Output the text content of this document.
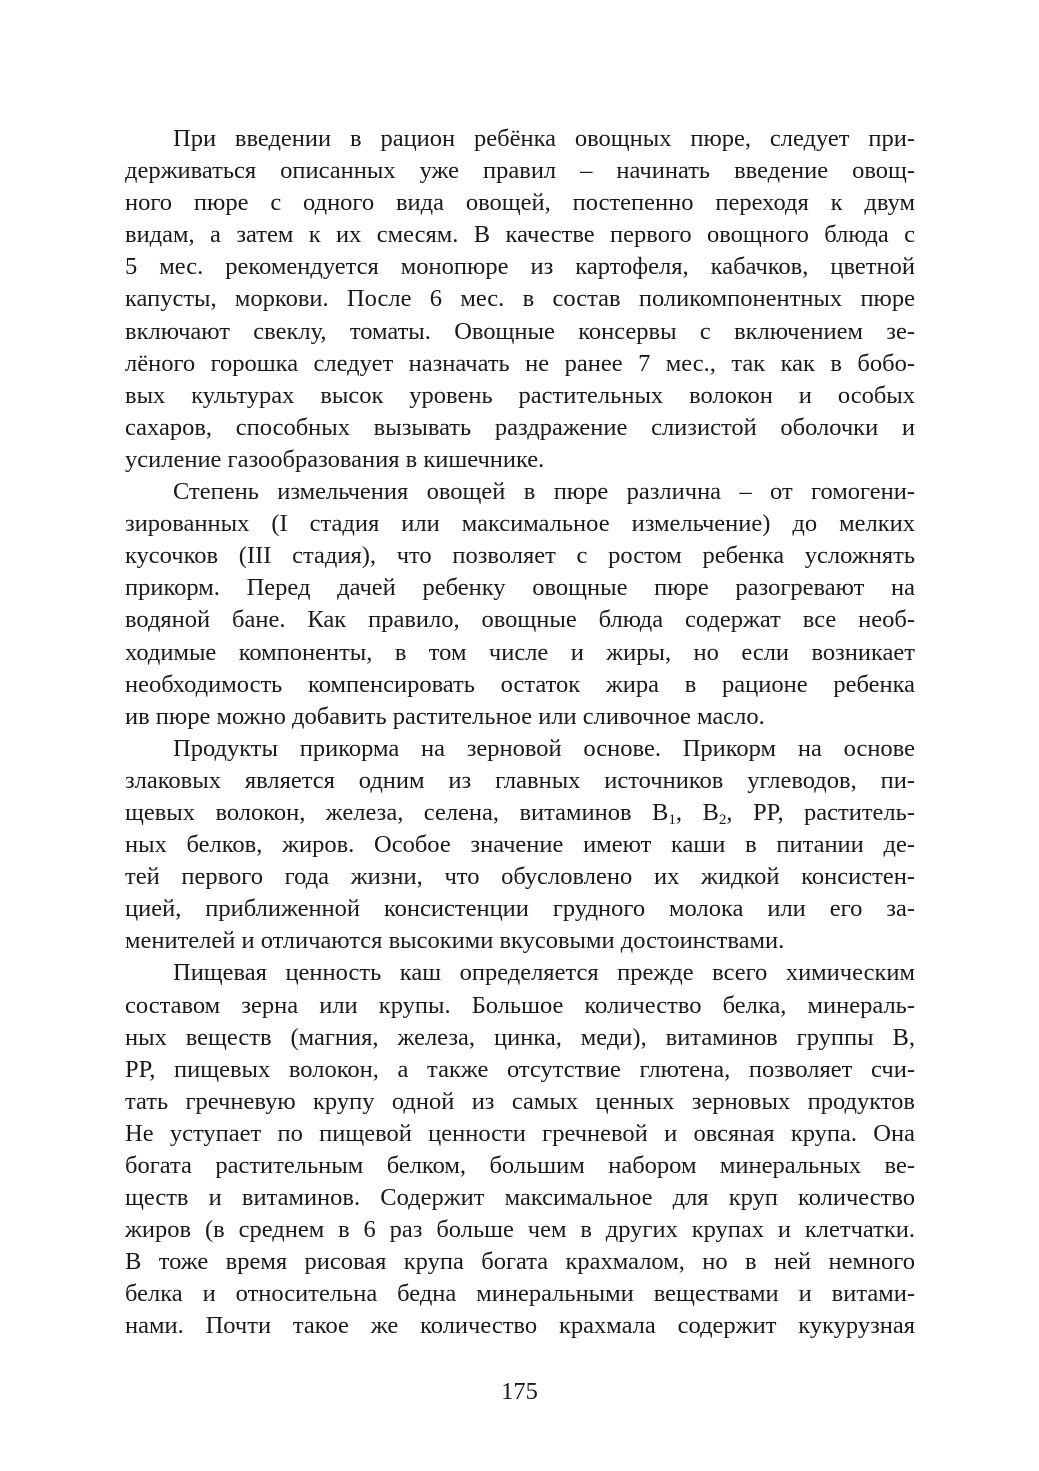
При введении в рацион ребёнка овощных пюре, следует при-
держиваться описанных уже правил – начинать введение овощ-
ного пюре с одного вида овощей, постепенно переходя к двум
видам, а затем к их смесям. В качестве первого овощного блюда с
5 мес. рекомендуется монопюре из картофеля, кабачков, цветной
капусты, моркови. После 6 мес. в состав поликомпонентных пюре
включают свеклу, томаты. Овощные консервы с включением зе-
лёного горошка следует назначать не ранее 7 мес., так как в бобо-
вых культурах высок уровень растительных волокон и особых
сахаров, способных вызывать раздражение слизистой оболочки и
усиление газообразования в кишечнике.

Степень измельчения овощей в пюре различна – от гомогени-
зированных (I стадия или максимальное измельчение) до мелких
кусочков (III стадия), что позволяет с ростом ребенка усложнять
прикорм. Перед дачей ребенку овощные пюре разогревают на
водяной бане. Как правило, овощные блюда содержат все необ-
ходимые компоненты, в том числе и жиры, но если возникает
необходимость компенсировать остаток жира в рационе ребенка
ив пюре можно добавить растительное или сливочное масло.

Продукты прикорма на зерновой основе. Прикорм на основе
злаковых является одним из главных источников углеводов, пи-
щевых волокон, железа, селена, витаминов $B_1$, $B_2$, PP, раститель-
ных белков, жиров. Особое значение имеют каши в питании де-
тей первого года жизни, что обусловлено их жидкой консистен-
цией, приближенной консистенции грудного молока или его за-
менителей и отличаются высокими вкусовыми достоинствами.

Пищевая ценность каш определяется прежде всего химическим
составом зерна или крупы. Большое количество белка, минераль-
ных веществ (магния, железа, цинка, меди), витаминов группы В,
РР, пищевых волокон, а также отсутствие глютена, позволяет счи-
тать гречневую крупу одной из самых ценных зерновых продуктов
Не уступает по пищевой ценности гречневой и овсяная крупа. Она
богата растительным белком, большим набором минеральных ве-
ществ и витаминов. Содержит максимальное для круп количество
жиров (в среднем в 6 раз больше чем в других крупах и клетчатки.
В тоже время рисовая крупа богата крахмалом, но в ней немного
белка и относительна бедна минеральными веществами и витами-
нами. Почти такое же количество крахмала содержит кукурузная

175
